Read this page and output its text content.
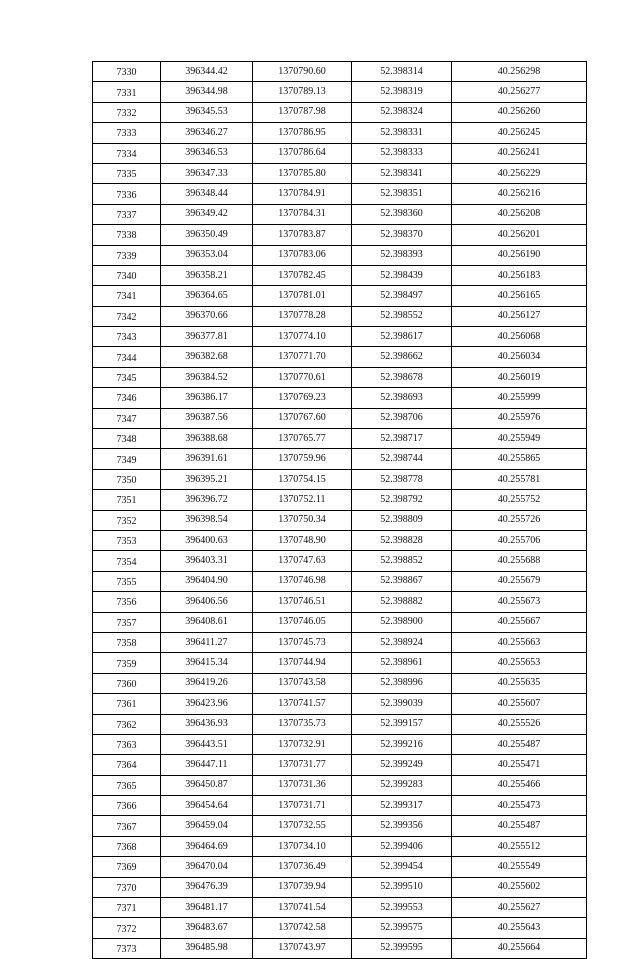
7330	396344.42	1370790.60	52.398314	40.256298
7331	396344.98	1370789.13	52.398319	40.256277
7332	396345.53	1370787.98	52.398324	40.256260
7333	396346.27	1370786.95	52.398331	40.256245
7334	396346.53	1370786.64	52.398333	40.256241
7335	396347.33	1370785.80	52.398341	40.256229
7336	396348.44	1370784.91	52.398351	40.256216
7337	396349.42	1370784.31	52.398360	40.256208
7338	396350.49	1370783.87	52.398370	40.256201
7339	396353.04	1370783.06	52.398393	40.256190
7340	396358.21	1370782.45	52.398439	40.256183
7341	396364.65	1370781.01	52.398497	40.256165
7342	396370.66	1370778.28	52.398552	40.256127
7343	396377.81	1370774.10	52.398617	40.256068
7344	396382.68	1370771.70	52.398662	40.256034
7345	396384.52	1370770.61	52.398678	40.256019
7346	396386.17	1370769.23	52.398693	40.255999
7347	396387.56	1370767.60	52.398706	40.255976
7348	396388.68	1370765.77	52.398717	40.255949
7349	396391.61	1370759.96	52.398744	40.255865
7350	396395.21	1370754.15	52.398778	40.255781
7351	396396.72	1370752.11	52.398792	40.255752
7352	396398.54	1370750.34	52.398809	40.255726
7353	396400.63	1370748.90	52.398828	40.255706
7354	396403.31	1370747.63	52.398852	40.255688
7355	396404.90	1370746.98	52.398867	40.255679
7356	396406.56	1370746.51	52.398882	40.255673
7357	396408.61	1370746.05	52.398900	40.255667
7358	396411.27	1370745.73	52.398924	40.255663
7359	396415.34	1370744.94	52.398961	40.255653
7360	396419.26	1370743.58	52.398996	40.255635
7361	396423.96	1370741.57	52.399039	40.255607
7362	396436.93	1370735.73	52.399157	40.255526
7363	396443.51	1370732.91	52.399216	40.255487
7364	396447.11	1370731.77	52.399249	40.255471
7365	396450.87	1370731.36	52.399283	40.255466
7366	396454.64	1370731.71	52.399317	40.255473
7367	396459.04	1370732.55	52.399356	40.255487
7368	396464.69	1370734.10	52.399406	40.255512
7369	396470.04	1370736.49	52.399454	40.255549
7370	396476.39	1370739.94	52.399510	40.255602
7371	396481.17	1370741.54	52.399553	40.255627
7372	396483.67	1370742.58	52.399575	40.255643
7373	396485.98	1370743.97	52.399595	40.255664
